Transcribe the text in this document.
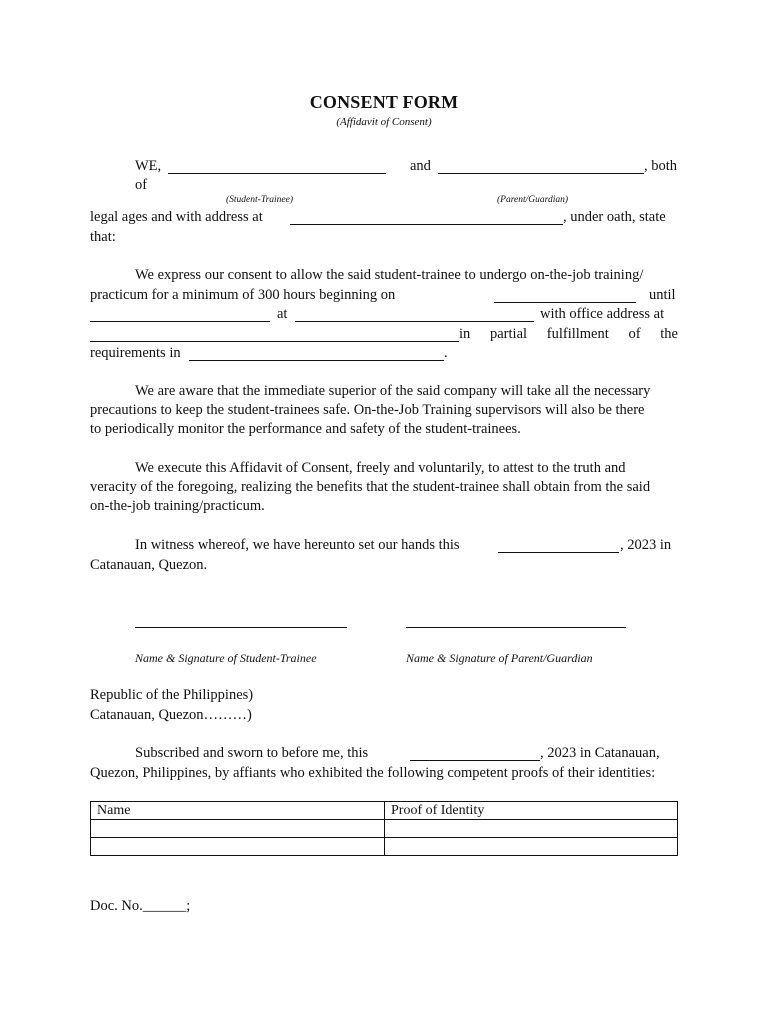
CONSENT FORM
(Affidavit of Consent)
WE,	and	, both
of
(Student-Trainee)	(Parent/Guardian)
legal ages and with address at	, under oath, state
that:
We express our consent to allow the said student-trainee to undergo on-the-job training/
practicum for a minimum of 300 hours beginning on	until
at	with office address at
in partial fulfillment of the
requirements in	.
We are aware that the immediate superior of the said company will take all the necessary
precautions to keep the student-trainees safe. On-the-Job Training supervisors will also be there
to periodically monitor the performance and safety of the student-trainees.
We execute this Affidavit of Consent, freely and voluntarily, to attest to the truth and
veracity of the foregoing, realizing the benefits that the student-trainee shall obtain from the said
on-the-job training/practicum.
In witness whereof, we have hereunto set our hands this	, 2023 in
Catanauan, Quezon.
Name & Signature of Student-Trainee	Name & Signature of Parent/Guardian
Republic of the Philippines)
Catanauan, Quezon………)
Subscribed and sworn to before me, this	, 2023 in Catanauan,
Quezon, Philippines, by affiants who exhibited the following competent proofs of their identities:
Name	Proof of Identity

Doc. No.______;
